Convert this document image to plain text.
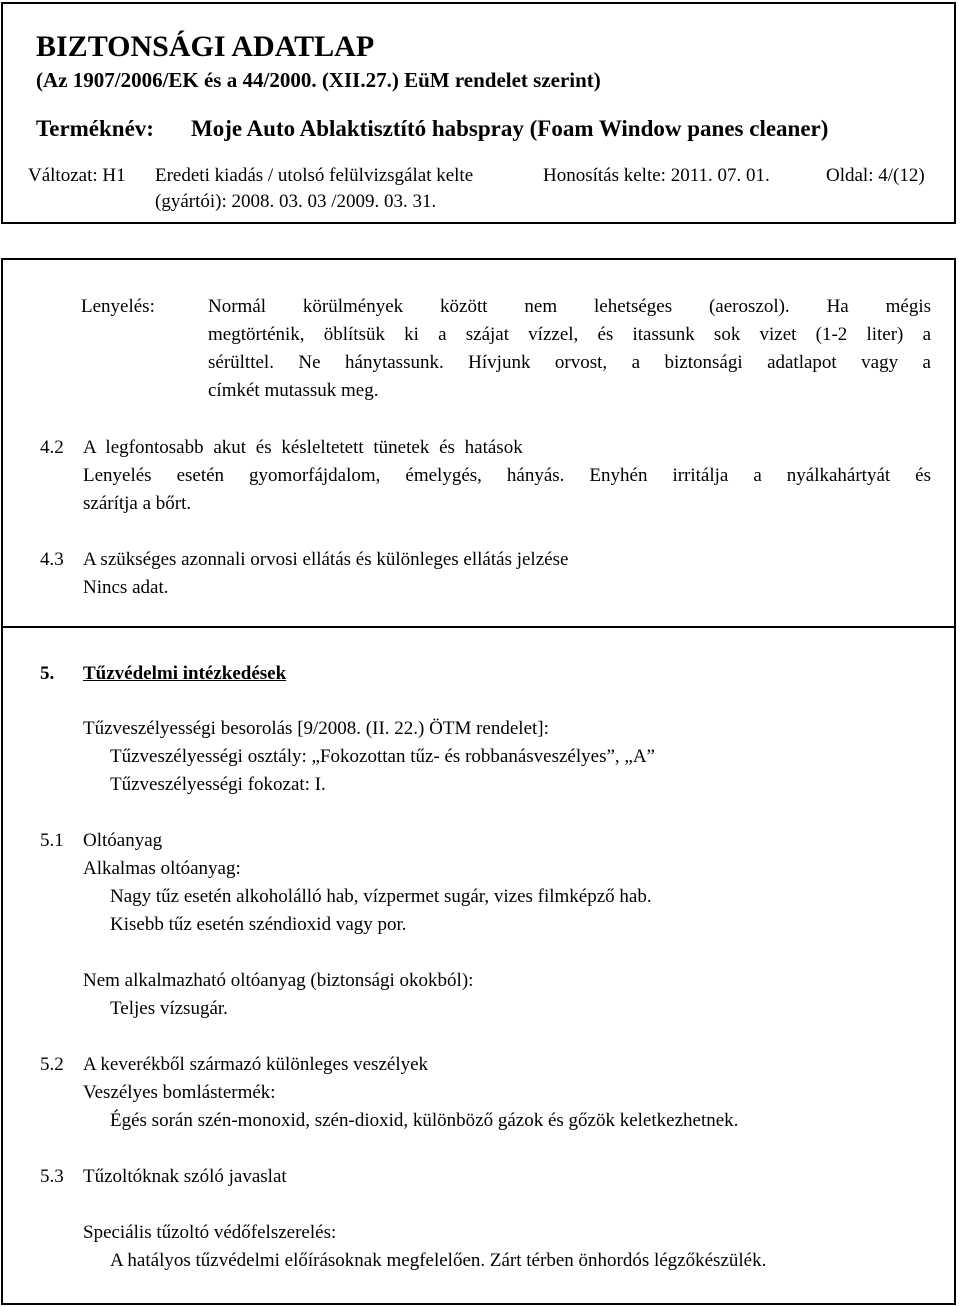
BIZTONSÁGI ADATLAP
(Az 1907/2006/EK és a 44/2000. (XII.27.) EüM rendelet szerint)
Terméknév: Moje Auto Ablaktisztító habspray (Foam Window panes cleaner)
Változat: H1 Eredeti kiadás / utolsó felülvizsgálat kelte
(gyártói): 2008. 03. 03 /2009. 03. 31.
Honosítás kelte: 2011. 07. 01.	Oldal: 4/(12)
Lenyelés:	Normál körülmények között nem lehetséges (aeroszol). Ha mégis
megtörténik, öblítsük ki a szájat vízzel, és itassunk sok vizet (1-2 liter) a
sérülttel. Ne hánytassunk. Hívjunk orvost, a biztonsági adatlapot vagy a
címkét mutassuk meg.
4.2 A legfontosabb akut és késleltetett tünetek és hatások
Lenyelés esetén gyomorfájdalom, émelygés, hányás. Enyhén irritálja a nyálkahártyát és
szárítja a bőrt.
4.3 A szükséges azonnali orvosi ellátás és különleges ellátás jelzése
Nincs adat.
5. Tűzvédelmi intézkedések
Tűzveszélyességi besorolás [9/2008. (II. 22.) ÖTM rendelet]:
Tűzveszélyességi osztály: „Fokozottan tűz- és robbanásveszélyes”, „A”
Tűzveszélyességi fokozat: I.
5.1 Oltóanyag
Alkalmas oltóanyag:
Nagy tűz esetén alkoholálló hab, vízpermet sugár, vizes filmképző hab.
Kisebb tűz esetén széndioxid vagy por.
Nem alkalmazható oltóanyag (biztonsági okokból):
Teljes vízsugár.
5.2 A keverékből származó különleges veszélyek
Veszélyes bomlástermék:
Égés során szén-monoxid, szén-dioxid, különböző gázok és gőzök keletkezhetnek.
5.3 Tűzoltóknak szóló javaslat
Speciális tűzoltó védőfelszerelés:
A hatályos tűzvédelmi előírásoknak megfelelően. Zárt térben önhordós légzőkészülék.
